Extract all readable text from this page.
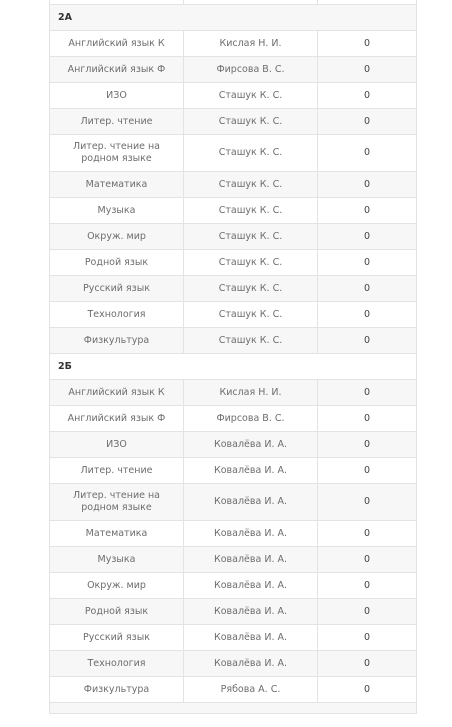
2А		
Английский язык К	Кислая Н. И.	0
Английский язык Ф	Фирсова В. С.	0
ИЗО	Сташук К. С.	0
Литер. чтение	Сташук К. С.	0

Литер. чтение на
родном языке	Сташук К. С.	0
Математика	Сташук К. С.	0
Музыка	Сташук К. С.	0
Окруж. мир	Сташук К. С.	0
Родной язык	Сташук К. С.	0
Русский язык	Сташук К. С.	0
Технология	Сташук К. С.	0
Физкультура	Сташук К. С.	0
2Б		
Английский язык К	Кислая Н. И.	0
Английский язык Ф	Фирсова В. С.	0
ИЗО	Ковалёва И. А.	0
Литер. чтение	Ковалёва И. А.	0

Литер. чтение на
родном языке	Ковалёва И. А.	0
Математика	Ковалёва И. А.	0
Музыка	Ковалёва И. А.	0
Окруж. мир	Ковалёва И. А.	0
Родной язык	Ковалёва И. А.	0
Русский язык	Ковалёва И. А.	0
Технология	Ковалёва И. А.	0
Физкультура	Рябова А. С.	0
